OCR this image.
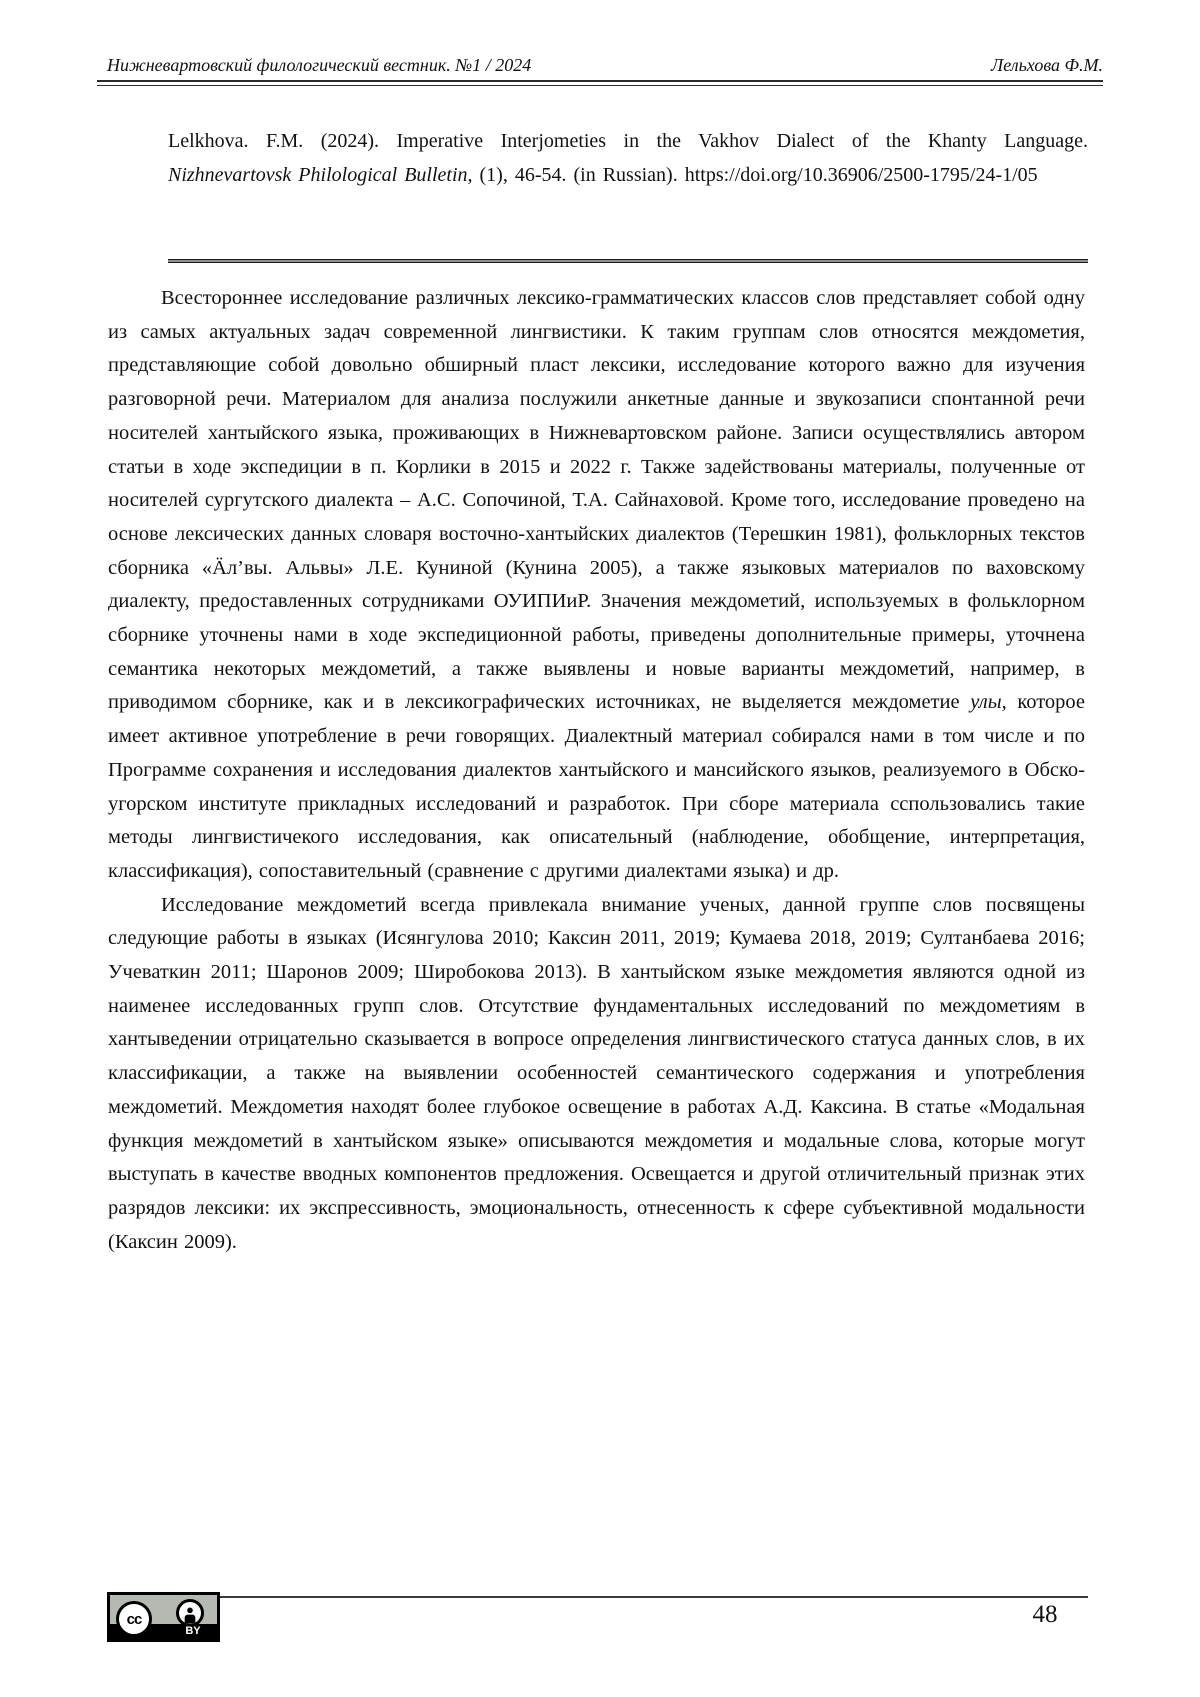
Нижневартовский филологический вестник. №1 / 2024	Лельхова Ф.М.
Lelkhova. F.M. (2024). Imperative Interjometies in the Vakhov Dialect of the Khanty Language. Nizhnevartovsk Philological Bulletin, (1), 46-54. (in Russian). https://doi.org/10.36906/2500-1795/24-1/05

Всестороннее исследование различных лексико-грамматических классов слов представляет собой одну из самых актуальных задач современной лингвистики. К таким группам слов относятся междометия, представляющие собой довольно обширный пласт лексики, исследование которого важно для изучения разговорной речи. Материалом для анализа послужили анкетные данные и звукозаписи спонтанной речи носителей хантыйского языка, проживающих в Нижневартовском районе. Записи осуществлялись автором статьи в ходе экспедиции в п. Корлики в 2015 и 2022 г. Также задействованы материалы, полученные от носителей сургутского диалекта – А.С. Сопочиной, Т.А. Сайнаховой. Кроме того, исследование проведено на основе лексических данных словаря восточно-хантыйских диалектов (Терешкин 1981), фольклорных текстов сборника «Ӓл’вы. Альвы» Л.Е. Куниной (Кунина 2005), а также языковых материалов по ваховскому диалекту, предоставленных сотрудниками ОУИПИиР. Значения междометий, используемых в фольклорном сборнике уточнены нами в ходе экспедиционной работы, приведены дополнительные примеры, уточнена семантика некоторых междометий, а также выявлены и новые варианты междометий, например, в приводимом сборнике, как и в лексикографических источниках, не выделяется междометие улы, которое имеет активное употребление в речи говорящих. Диалектный материал собирался нами в том числе и по Программе сохранения и исследования диалектов хантыйского и мансийского языков, реализуемого в Обско-угорском институте прикладных исследований и разработок. При сборе материала сспользовались такие методы лингвистичекого исследования, как описательный (наблюдение, обобщение, интерпретация, классификация), сопоставительный (сравнение с другими диалектами языка) и др.

Исследование междометий всегда привлекала внимание ученых, данной группе слов посвящены следующие работы в языках (Исянгулова 2010; Каксин 2011, 2019; Кумаева 2018, 2019; Султанбаева 2016; Учеваткин 2011; Шаронов 2009; Широбокова 2013). В хантыйском языке междометия являются одной из наименее исследованных групп слов. Отсутствие фундаментальных исследований по междометиям в хантыведении отрицательно сказывается в вопросе определения лингвистического статуса данных слов, в их классификации, а также на выявлении особенностей семантического содержания и употребления междометий. Междометия находят более глубокое освещение в работах А.Д. Каксина. В статье «Модальная функция междометий в хантыйском языке» описываются междометия и модальные слова, которые могут выступать в качестве вводных компонентов предложения. Освещается и другой отличительный признак этих разрядов лексики: их экспрессивность, эмоциональность, отнесенность к сфере субъективной модальности (Каксин 2009).

cc
BY
48
